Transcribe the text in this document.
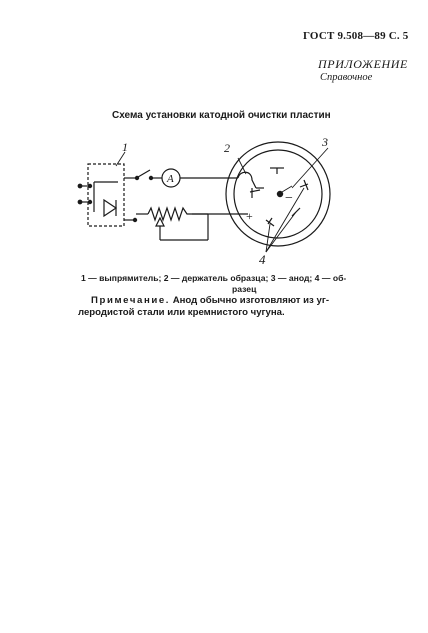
ГОСТ 9.508—89 С. 5
ПРИЛОЖЕНИЕ
Справочное
Схема установки катодной очистки пластин
1
A
+
−
2	3
4
1 — выпрямитель; 2 — держатель образца; 3 — анод; 4 — об-
разец
Примечание. Анод обычно изготовляют из уг-
леродистой стали или кремнистого чугуна.
